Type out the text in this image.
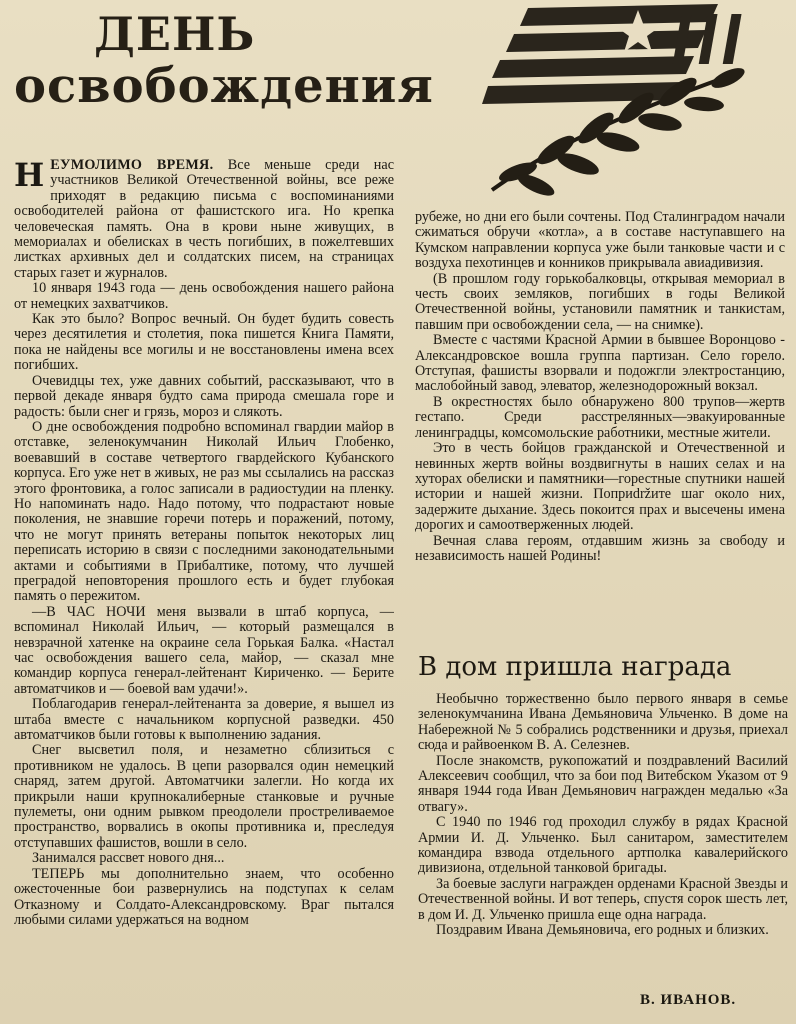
ДЕНЬ
освобождения

НЕУМОЛИМО ВРЕМЯ. Все меньше среди нас участников Великой Отечественной войны, все реже приходят в редакцию письма с воспоминаниями освободителей района от фашистского ига. Но крепка человеческая память. Она в крови ныне живущих, в мемориалах и обелисках в честь погибших, в пожелтевших листках архивных дел и солдатских писем, на страницах старых газет и журналов.

10 января 1943 года — день освобождения нашего района от немецких захватчиков.

Как это было? Вопрос вечный. Он будет будить совесть через десятилетия и столетия, пока пишется Книга Памяти, пока не найдены все могилы и не восстановлены имена всех погибших.

Очевидцы тех, уже давних событий, рассказывают, что в первой декаде января будто сама природа смешала горе и радость: были снег и грязь, мороз и слякоть.

О дне освобождения подробно вспоминал гвардии майор в отставке, зеленокумчанин Николай Ильич Глобенко, воевавший в составе четвертого гвардейского Кубанского корпуса. Его уже нет в живых, не раз мы ссылались на рассказ этого фронтовика, а голос записали в радиостудии на пленку. Но напоминать надо. Надо потому, что подрастают новые поколения, не знавшие горечи потерь и поражений, потому, что не могут принять ветераны попыток некоторых лиц переписать историю в связи с последними законодательными актами и событиями в Прибалтике, потому, что лучшей преградой неповторения прошлого есть и будет глубокая память о пережитом.

—В ЧАС НОЧИ меня вызвали в штаб корпуса, —вспоминал Николай Ильич, — который размещался в невзрачной хатенке на окраине села Горькая Балка. «Настал час освобождения вашего села, майор, — сказал мне командир корпуса генерал-лейтенант Кириченко. — Берите автоматчиков и — боевой вам удачи!».

Поблагодарив генерал-лейтенанта за доверие, я вышел из штаба вместе с начальником корпусной разведки. 450 автоматчиков были готовы к выполнению задания.

Снег высветил поля, и незаметно сблизиться с противником не удалось. В цепи разорвался один немецкий снаряд, затем другой. Автоматчики залегли. Но когда их прикрыли наши крупнокалиберные станковые и ручные пулеметы, они одним рывком преодолели простреливаемое пространство, ворвались в окопы противника и, преследуя отступавших фашистов, вошли в село.

Занимался рассвет нового дня...

ТЕПЕРЬ мы дополнительно знаем, что особенно ожесточенные бои развернулись на подступах к селам Отказному и Солдато-Александровскому. Враг пытался любыми силами удержаться на водном

рубеже, но дни его были сочтены. Под Сталинградом начали сжиматься обручи «котла», а в составе наступавшего на Кумском направлении корпуса уже были танковые части и с воздуха пехотинцев и конников прикрывала авиадивизия.

(В прошлом году горькобалковцы, открывая мемориал в честь своих земляков, погибших в годы Великой Отечественной войны, установили памятник и танкистам, павшим при освобождении села, — на снимке).

Вместе с частями Красной Армии в бывшее Воронцово - Александровское вошла группа партизан. Село горело. Отступая, фашисты взорвали и подожгли электростанцию, маслобойный завод, элеватор, железнодорожный вокзал.

В окрестностях было обнаружено 800 трупов—жертв гестапо. Среди расстрелянных—эвакуированные ленинградцы, комсомольские работники, местные жители.

Это в честь бойцов гражданской и Отечественной и невинных жертв войны воздвигнуты в наших селах и на хуторах обелиски и памятники—горестные спутники нашей истории и нашей жизни. Поприdržите шаг около них, задержите дыхание. Здесь покоится прах и высечены имена дорогих и самоотверженных людей.

Вечная слава героям, отдавшим жизнь за свободу и независимость нашей Родины!

В дом пришла награда

Необычно торжественно было первого января в семье зеленокумчанина Ивана Демьяновича Ульченко. В доме на Набережной № 5 собрались родственники и друзья, приехал сюда и райвоенком В. А. Селезнев.

После знакомств, рукопожатий и поздравлений Василий Алексеевич сообщил, что за бои под Витебском Указом от 9 января 1944 года Иван Демьянович награжден медалью «За отвагу».

С 1940 по 1946 год проходил службу в рядах Красной Армии И. Д. Ульченко. Был санитаром, заместителем командира взвода отдельного артполка кавалерийского дивизиона, отдельной танковой бригады.

За боевые заслуги награжден орденами Красной Звезды и Отечественной войны. И вот теперь, спустя сорок шесть лет, в дом И. Д. Ульченко пришла еще одна награда.

Поздравим Ивана Демьяновича, его родных и близких.

В. ИВАНОВ.
